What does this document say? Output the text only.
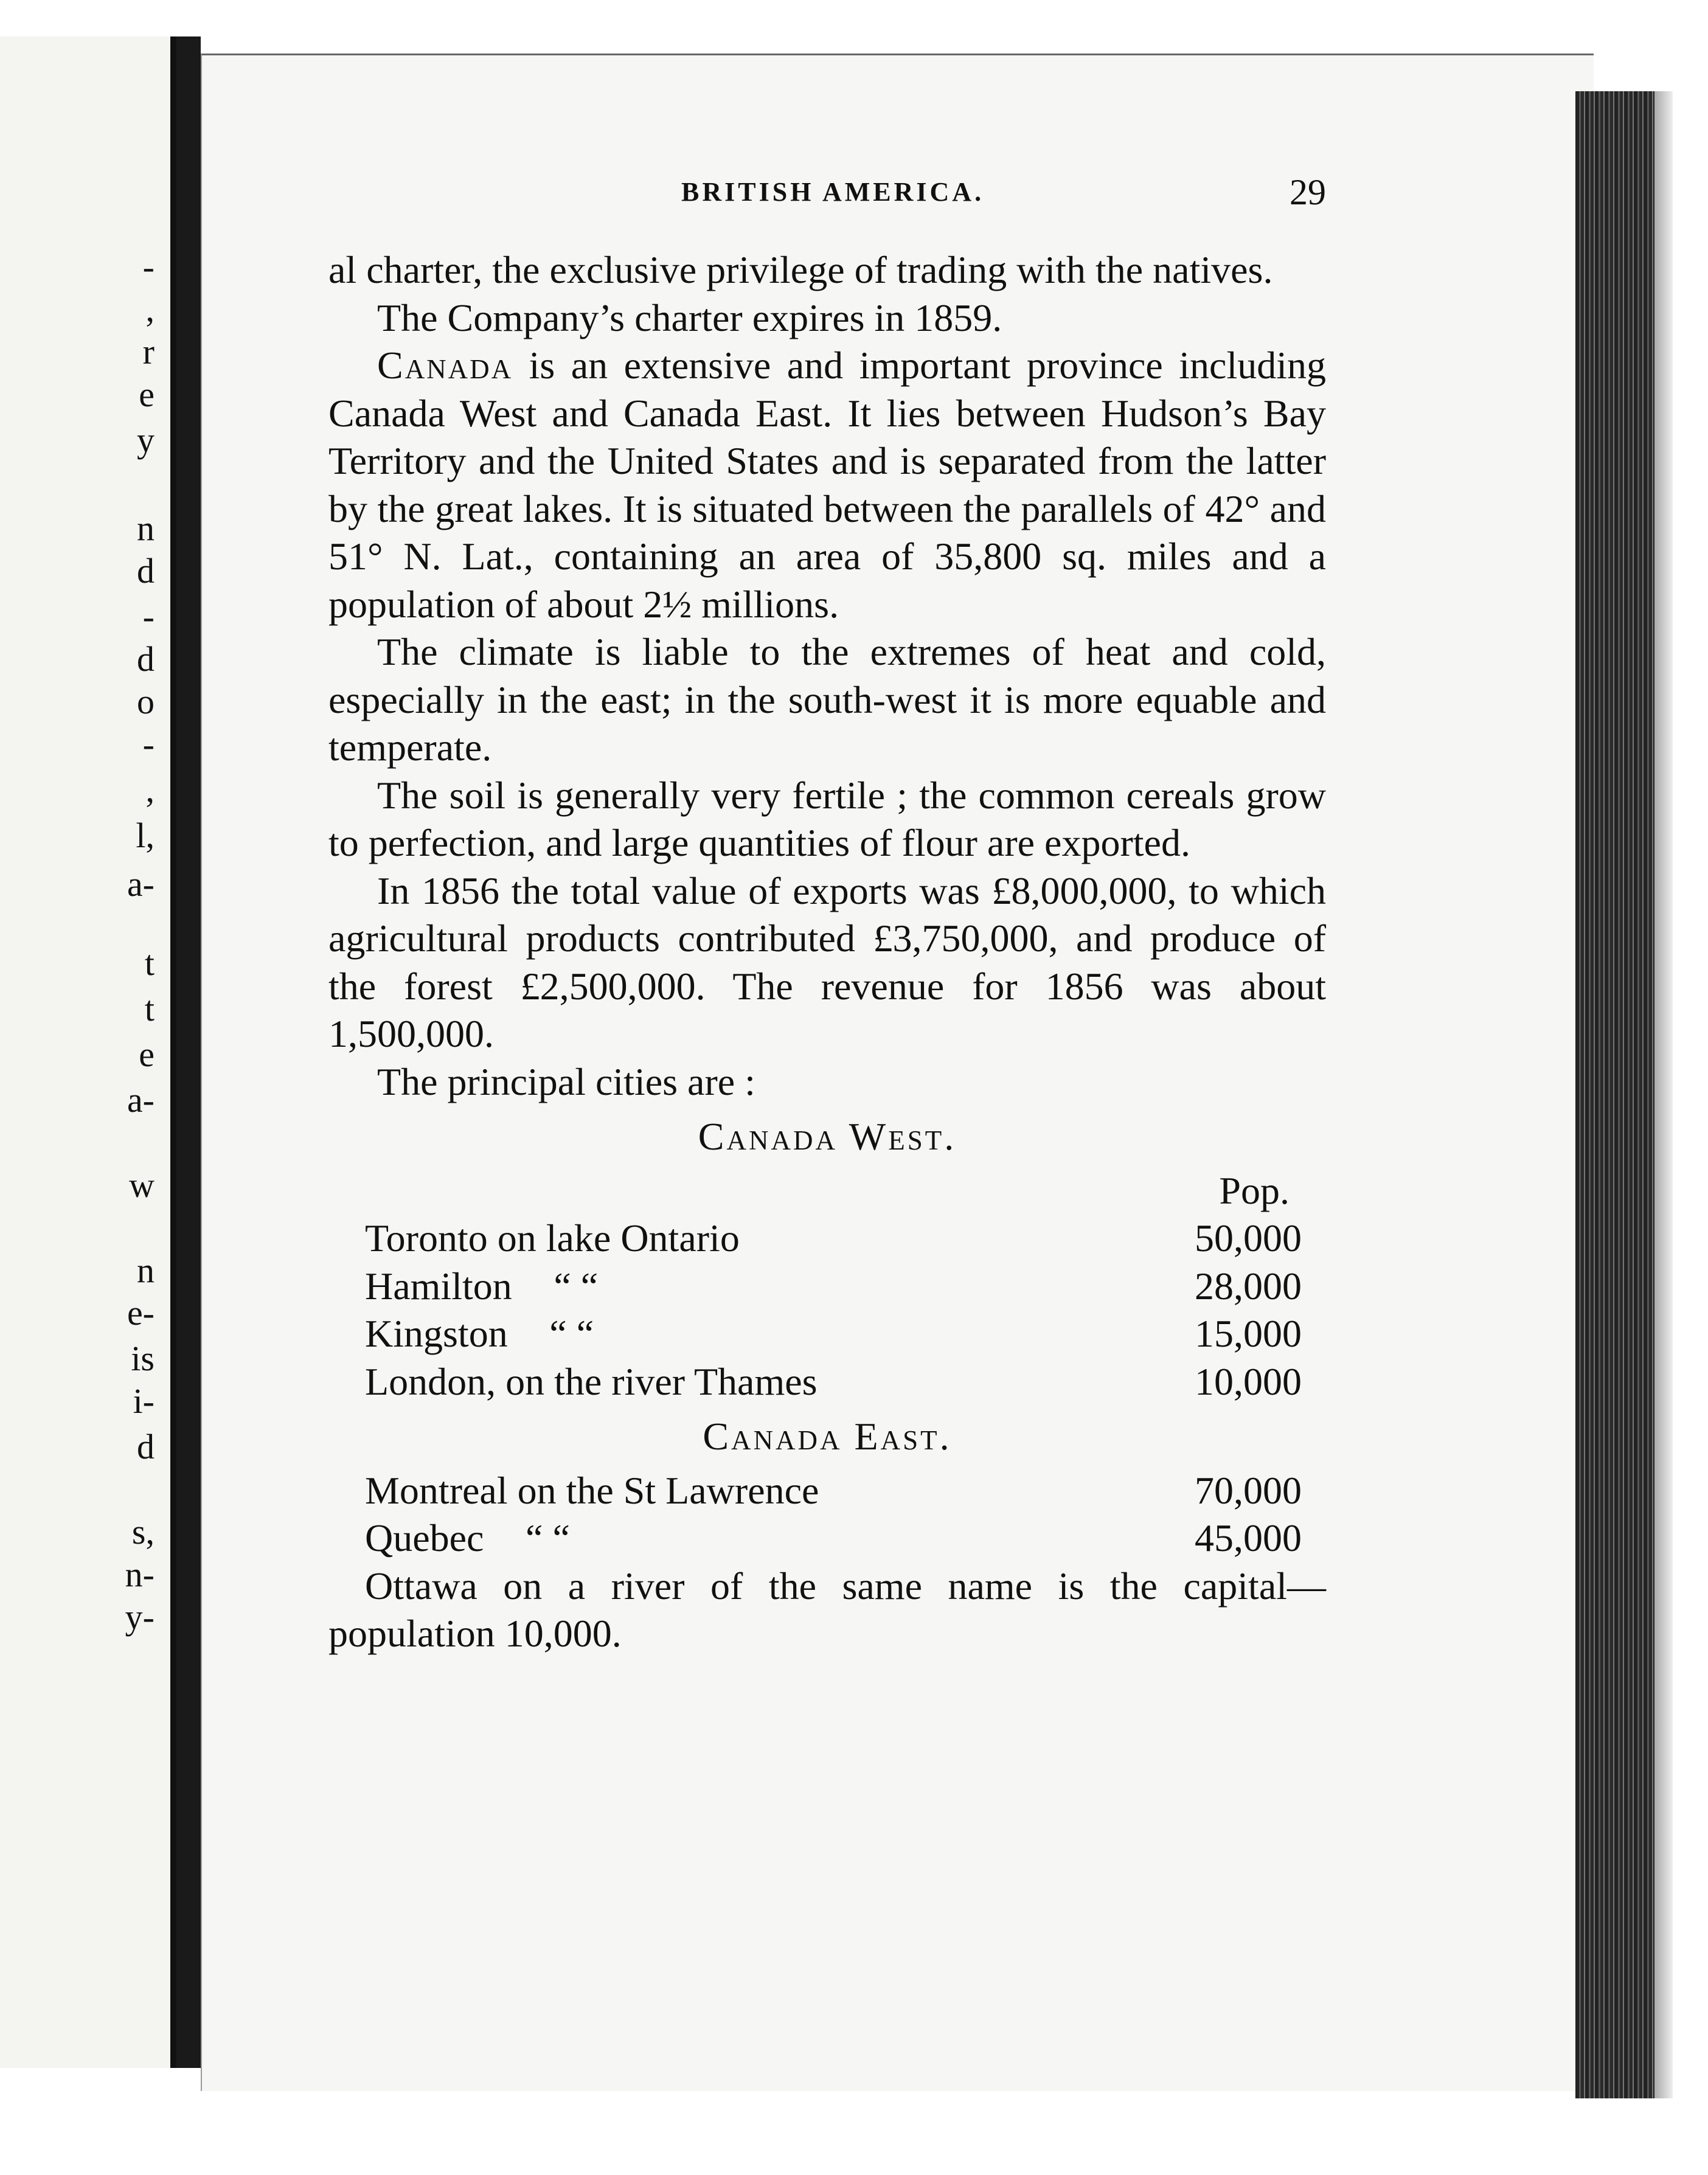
-
,
r
e
y
n
d
-
d
o
-
,
l,
a-
t
t
e
a-
w
n
e-
is
i-
d
s,
n-
y-
BRITISH AMERICA.	29

al charter, the exclusive privilege of trading with the natives.

The Company’s charter expires in 1859.

Canada is an extensive and important province including Canada West and Canada East. It lies between Hudson’s Bay Territory and the United States and is separated from the latter by the great lakes. It is situated between the parallels of 42° and 51° N. Lat., containing an area of 35,800 sq. miles and a population of about 2½ millions.

The climate is liable to the extremes of heat and cold, especially in the east; in the south-west it is more equable and temperate.

The soil is generally very fertile ; the common cereals grow to perfection, and large quantities of flour are exported.

In 1856 the total value of exports was £8,000,000, to which agricultural products contributed £3,750,000, and produce of the forest £2,500,000. The revenue for 1856 was about 1,500,000.

The principal cities are :

Canada West.
Pop.
Toronto on lake Ontario	50,000
Hamilton “ “	28,000
Kingston “ “	15,000
London, on the river Thames	10,000
Canada East.
Montreal on the St Lawrence	70,000
Quebec “ “	45,000

Ottawa on a river of the same name is the capital—population 10,000.
